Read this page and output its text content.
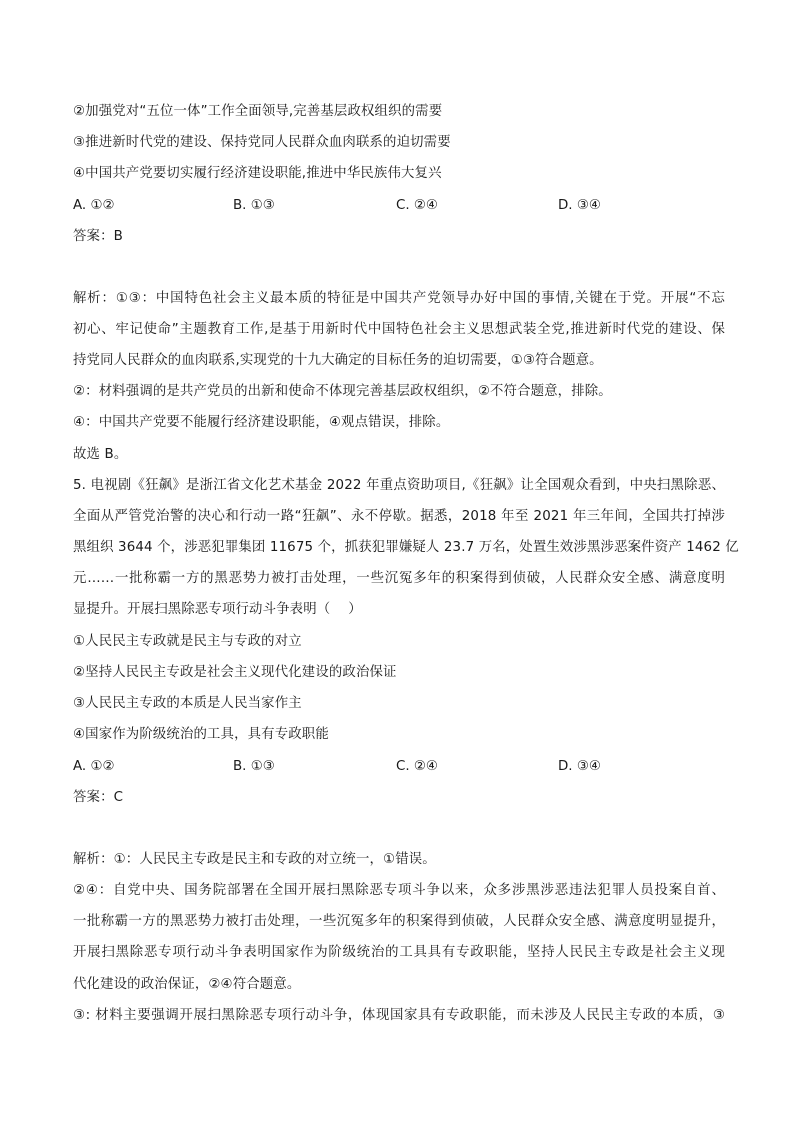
②加强党对“五位一体”工作全面领导,完善基层政权组织的需要
③推进新时代党的建设、保持党同人民群众血肉联系的迫切需要
④中国共产党要切实履行经济建设职能,推进中华民族伟大复兴
A. ①②	B. ①③	C. ②④	D. ③④
答案：B
解析：①③：中国特色社会主义最本质的特征是中国共产党领导办好中国的事情,关键在于党。开展“不忘
初心、牢记使命”主题教育工作,是基于用新时代中国特色社会主义思想武装全党,推进新时代党的建设、保
持党同人民群众的血肉联系,实现党的十九大确定的目标任务的迫切需要，①③符合题意。
②：材料强调的是共产党员的出新和使命不体现完善基层政权组织，②不符合题意，排除。
④：中国共产党要不能履行经济建设职能，④观点错误，排除。
故选 B。
5. 电视剧《狂飙》是浙江省文化艺术基金 2022 年重点资助项目,《狂飙》让全国观众看到，中央扫黑除恶、
全面从严管党治警的决心和行动一路“狂飙”、永不停歇。据悉，2018 年至 2021 年三年间，全国共打掉涉
黑组织 3644 个，涉恶犯罪集团 11675 个，抓获犯罪嫌疑人 23.7 万名，处置生效涉黑涉恶案件资产 1462 亿
元……一批称霸一方的黑恶势力被打击处理，一些沉冤多年的积案得到侦破，人民群众安全感、满意度明
显提升。开展扫黑除恶专项行动斗争表明（　 ）
①人民民主专政就是民主与专政的对立
②坚持人民民主专政是社会主义现代化建设的政治保证
③人民民主专政的本质是人民当家作主
④国家作为阶级统治的工具，具有专政职能
A. ①②	B. ①③	C. ②④	D. ③④
答案：C
解析：①：人民民主专政是民主和专政的对立统一，①错误。
②④：自党中央、国务院部署在全国开展扫黑除恶专项斗争以来，众多涉黑涉恶违法犯罪人员投案自首、
一批称霸一方的黑恶势力被打击处理，一些沉冤多年的积案得到侦破，人民群众安全感、满意度明显提升，
开展扫黑除恶专项行动斗争表明国家作为阶级统治的工具具有专政职能，坚持人民民主专政是社会主义现
代化建设的政治保证，②④符合题意。
③: 材料主要强调开展扫黑除恶专项行动斗争，体现国家具有专政职能，而未涉及人民民主专政的本质，③
